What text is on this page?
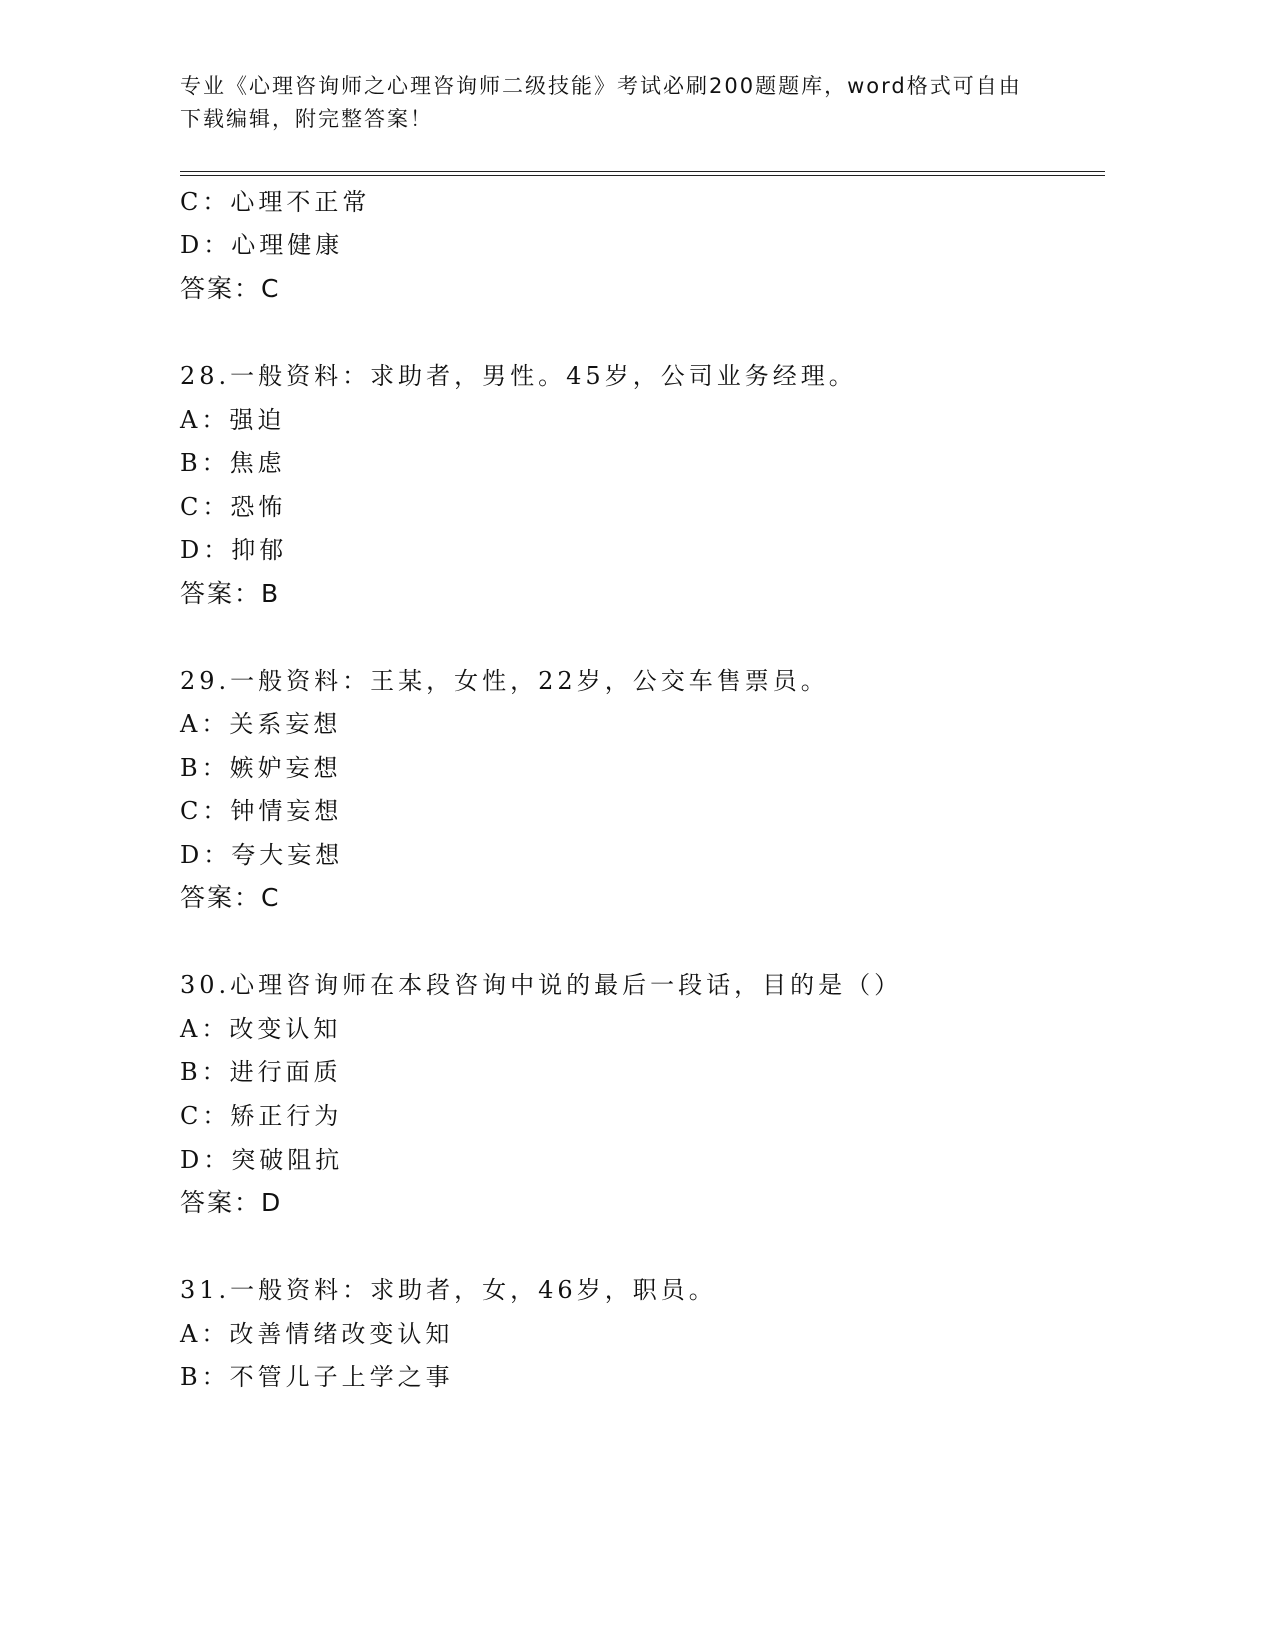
专业《心理咨询师之心理咨询师二级技能》考试必刷200题题库，word格式可自由下载编辑，附完整答案！
C：心理不正常
D：心理健康
答案：C
28.一般资料：求助者，男性。45岁，公司业务经理。
A：强迫
B：焦虑
C：恐怖
D：抑郁
答案：B
29.一般资料：王某，女性，22岁，公交车售票员。
A：关系妄想
B：嫉妒妄想
C：钟情妄想
D：夸大妄想
答案：C
30.心理咨询师在本段咨询中说的最后一段话，目的是（）
A：改变认知
B：进行面质
C：矫正行为
D：突破阻抗
答案：D
31.一般资料：求助者，女，46岁，职员。
A：改善情绪改变认知
B：不管儿子上学之事
